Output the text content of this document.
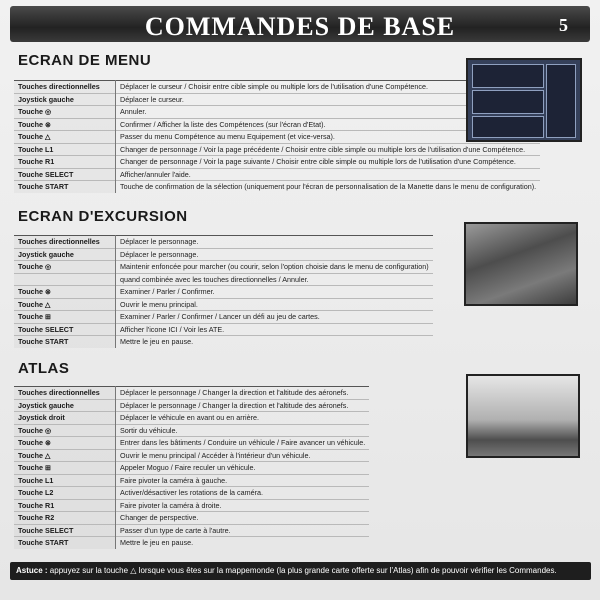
COMMANDES DE BASE	5
ECRAN DE MENU
Touches directionnelles	Déplacer le curseur / Choisir entre cible simple ou multiple lors de l'utilisation d'une Compétence.
Joystick gauche	Déplacer le curseur.
Touche ◎	Annuler.
Touche ⊗	Confirmer / Afficher la liste des Compétences (sur l'écran d'Etat).
Touche △	Passer du menu Compétence au menu Equipement (et vice-versa).
Touche L1	Changer de personnage / Voir la page précédente / Choisir entre cible simple ou multiple lors de l'utilisation d'une Compétence.
Touche R1	Changer de personnage / Voir la page suivante / Choisir entre cible simple ou multiple lors de l'utilisation d'une Compétence.
Touche SELECT	Afficher/annuler l'aide.
Touche START	Touche de confirmation de la sélection (uniquement pour l'écran de personnalisation de la Manette dans le menu de configuration).
ECRAN D'EXCURSION
Touches directionnelles	Déplacer le personnage.
Joystick gauche	Déplacer le personnage.
Touche ◎	Maintenir enfoncée pour marcher (ou courir, selon l'option choisie dans le menu de configuration)
	quand combinée avec les touches directionnelles / Annuler.
Touche ⊗	Examiner / Parler / Confirmer.
Touche △	Ouvrir le menu principal.
Touche ⊞	Examiner / Parler / Confirmer / Lancer un défi au jeu de cartes.
Touche SELECT	Afficher l'icone ICI / Voir les ATE.
Touche START	Mettre le jeu en pause.
ATLAS
Touches directionnelles	Déplacer le personnage / Changer la direction et l'altitude des aéronefs.
Joystick gauche	Déplacer le personnage / Changer la direction et l'altitude des aéronefs.
Joystick droit	Déplacer le véhicule en avant ou en arrière.
Touche ◎	Sortir du véhicule.
Touche ⊗	Entrer dans les bâtiments / Conduire un véhicule / Faire avancer un véhicule.
Touche △	Ouvrir le menu principal / Accéder à l'intérieur d'un véhicule.
Touche ⊞	Appeler Moguo / Faire reculer un véhicule.
Touche L1	Faire pivoter la caméra à gauche.
Touche L2	Activer/désactiver les rotations de la caméra.
Touche R1	Faire pivoter la caméra à droite.
Touche R2	Changer de perspective.
Touche SELECT	Passer d'un type de carte à l'autre.
Touche START	Mettre le jeu en pause.
Astuce : appuyez sur la touche △ lorsque vous êtes sur la mappemonde (la plus grande carte offerte sur l'Atlas) afin de pouvoir vérifier les Commandes.
